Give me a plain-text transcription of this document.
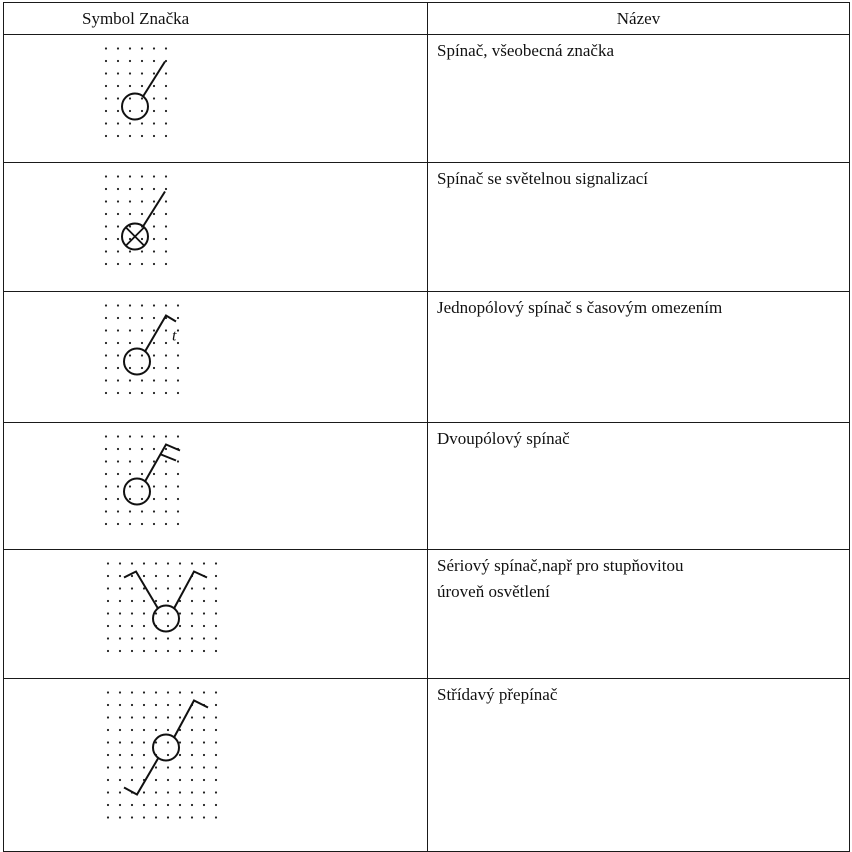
Symbol Značka	Název

Spínač, všeobecná značka

Spínač se světelnou signalizací

t	Jednopólový spínač s časovým omezením

Dvoupólový spínač

Sériový spínač,např pro stupňovitou
úroveň osvětlení

Střídavý přepínač
